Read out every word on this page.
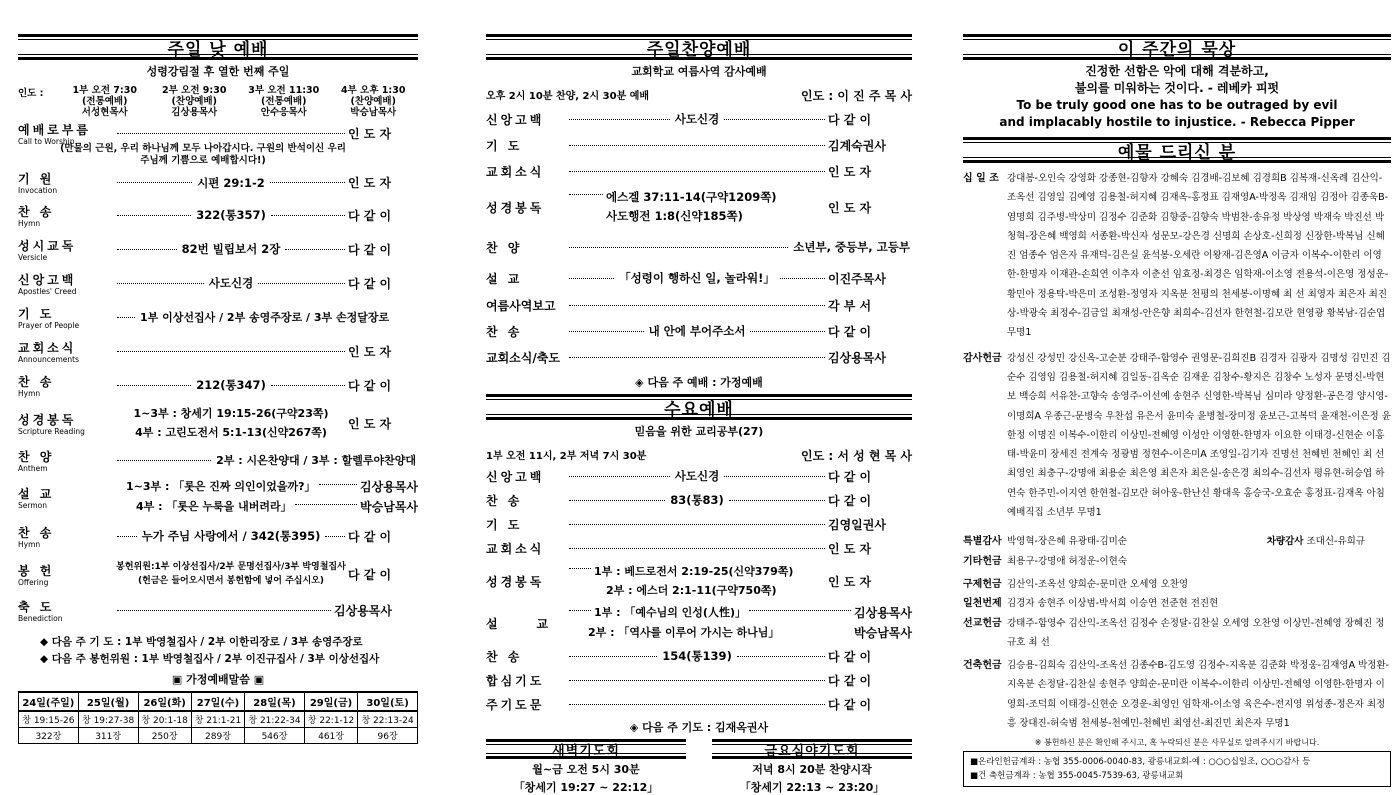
주일 낮 예배
성령강림절 후 열한 번째 주일
인도 :	1부 오전 7:30
(전통예배)
서성현목사
2부 오전 9:30
(찬양예배)
김상용목사
3부 오전 11:30
(전통예배)
안수응목사
4부 오후 1:30
(찬양예배)
박승남목사
예배로부름
Call to Worship
인 도 자
(만물의 근원, 우리 하나님께 모두 나아갑시다. 구원의 반석이신 우리 주님께 기쁨으로 예배합시다!)
기 원
Invocation
시편 29:1-2	인 도 자
찬 송
Hymn
322(통357)	다 같 이
성시교독
Versicle
82번 빌립보서 2장	다 같 이
신앙고백
Apostles' Creed
사도신경	다 같 이
기 도
Prayer of People
1부 이상선집사 / 2부 송영주장로 / 3부 손정달장로
교회소식
Announcements
인 도 자
찬 송
Hymn
212(통347)	다 같 이
성경봉독
Scripture Reading
1~3부 : 창세기 19:15-26(구약23쪽)
4부 : 고린도전서 5:1-13(신약267쪽)
인 도 자
찬 양
Anthem
2부 : 시온찬양대 / 3부 : 할렐루야찬양대
설 교
Sermon
1~3부 : 「롯은 진짜 의인이었을까?」	김상용목사
4부 : 「롯은 누룩을 내버려라」	박승남목사
찬 송
Hymn
누가 주님 사랑에서 / 342(통395) 다 같 이
봉 헌
Offering
봉헌위원:1부 이상선집사/2부 문명선집사/3부 박영철집사
(헌금은 들어오시면서 봉헌함에 넣어 주십시오)	다 같 이
축 도
Benediction
김상용목사
◆ 다음 주 기 도 : 1부 박영철집사 / 2부 이한리장로 / 3부 송영주장로
◆ 다음 주 봉헌위원 : 1부 박영철집사 / 2부 이진규집사 / 3부 이상선집사
▣ 가정예배말씀 ▣
24일(주일)	25일(월)	26일(화)	27일(수)	28일(목)	29일(금)	30일(토)
창 19:15-26	창 19:27-38	창 20:1-18	창 21:1-21	창 21:22-34	창 22:1-12	창 22:13-24
322장	311장	250장	289장	546장	461장	96장
주일찬양예배
교회학교 여름사역 감사예배
오후 2시 10분 찬양, 2시 30분 예배	인도 : 이 진 주 목 사
신앙고백	사도신경	다 같 이
기 도	김계숙권사
교회소식	인 도 자
성경봉독
에스겔 37:11-14(구약1209쪽)
사도행전 1:8(신약185쪽)
인 도 자
찬 양	소년부, 중등부, 고등부
설 교	「성령이 행하신 일, 놀라워!」	이진주목사
여름사역보고	각 부 서
찬 송	내 안에 부어주소서	다 같 이
교회소식/축도	김상용목사
◈ 다음 주 예배 : 가정예배
수요예배
믿음을 위한 교리공부(27)
1부 오전 11시, 2부 저녁 7시 30분	인도 : 서 성 현 목 사
신앙고백	사도신경	다 같 이
찬 송	83(통83)	다 같 이
기 도	김영일권사
교회소식	인 도 자
성경봉독
1부 : 베드로전서 2:19-25(신약379쪽)
2부 : 에스더 2:1-11(구약750쪽)
인 도 자
설     교
1부 : 「예수님의 인성(人性)」	김상용목사
2부 : 「역사를 이루어 가시는 하나님」	박승남목사
찬 송	154(통139)	다 같 이
합심기도	다 같 이
주기도문	다 같 이
◈ 다음 주 기도 : 김재옥권사
새벽기도회
월~금 오전 5시 30분
「창세기 19:27 ~ 22:12」
금요심야기도회
저녁 8시 20분 찬양시작
「창세기 22:13 ~ 23:20」
이 주간의 묵상
진정한 선함은 악에 대해 격분하고,
불의를 미워하는 것이다. - 레베카 피펏
To be truly good one has to be outraged by evil
and implacably hostile to injustice. - Rebecca Pipper
예물 드리신 분
십 일 조 강대봉-오인숙 강영화 강종현-김향자 강혜숙 김경배-김보혜 김경희B 김복재-신옥례 김산익-조옥선 김영일 김예영 김용철-허지혜 김재옥-홍정표 김재영A-박정옥 김재임 김정아 김종욱B-염명희 김주병-박상미 김정수 김준화 김향중-김향숙 박범찬-송유정 박상영 박재숙 박진선 박청혁-장은혜 백영희 서종환-박신자 성문모-강은경 신명희 손상호-신희정 신장한-박복님 신혜진 엄종수 엄은자 유재덕-김은실 윤석봉-오세란 이왕재-김은영A 이금자 이복수-이한리 이영한-한명자 이재관-손희연 이추자 이춘선 임효정-최경은 임학재-이소영 전용석-이은영 정성운-황민아 정용탁-박은미 조성환-정영자 지옥분 천평의 천세봉-이명혜 최 선 최영자 최은자 최진상-박광숙 최정수-김금일 최재성-안은향 최희수-김선자 한현철-김모란 현영광 황복남-김순엽 무명1
감사헌금 강성신 강성민 강신옥-고순분 강태주-함영수 권영문-김희진B 김경자 김광자 김명성 김민진 김순수 김영임 김용철-허지혜 김일동-김옥순 김재운 김창수-황지은 김창수 노성자 문명신-박현보 백승희 서유찬-고향숙 송영주-이선예 송현주 신영한-박복님 심미라 양정환-공은경 양시영-이명희A 우종근-문병숙 우찬섭 유은서 윤미숙 윤병철-장미정 윤보근-고복덕 윤재천-이은정 윤한정 이명진 이복수-이한리 이상민-전혜영 이성안 이영한-한명자 이요한 이태경-신현순 이홍태-박윤미 장세진 전계숙 정광범 정현수-이은미A 조영일-김기자 진명선 천혜빈 천혜인 최 선 최영인 최충구-강명애 최용순 최은영 최은자 최은실-송은경 최의수-김선자 평유현-허승엽 하연숙 한주민-이지연 한현철-김모란 허아웅-한난신 황대욱 홍승국-오효순 홍정표-김재옥 아침예배직집 소년부 무명1
특별감사 박영혁-장은혜 유광태-김미순	차량감사 조대신-유희규
기타헌금 최용구-강명애 허정운-이현숙
구제헌금 김산익-조옥선 양희순-문미란 오세영 오찬영
일천번제 김경자 송현주 이상범-박서희 이승연 전준현 전진현
선교헌금 강태주-함영수 김산익-조옥선 김정수 손정달-김찬실 오세영 오찬영 이상민-전혜영 장혜진 정규호 최 선
건축헌금 김승용-김희숙 김산익-조옥선 김종수B-김도영 김정수-지옥분 김준화 박정웅-김재영A 박정환-지옥분 손정달-김찬실 송현주 양희순-문미란 이복수-이한리 이상민-전혜영 이영한-한명자 이영희-조덕희 이태경-신현순 오경운-최영인 임학재-이소영 육은수-전지영 위성종-정은자 최정흥 장대진-허숙범 천세봉-천예민-천혜빈 최영선-최진민 최은자 무명1
※ 봉헌하신 분은 확인해 주시고, 혹 누락되신 분은 사무실로 알려주시기 바랍니다.
■온라인헌금계좌 : 농협 355-0006-0040-83, 광릉내교회-예 : ○○○십일조, ○○○감사 등
■건 축헌금계좌 : 농협 355-0045-7539-63, 광릉내교회
